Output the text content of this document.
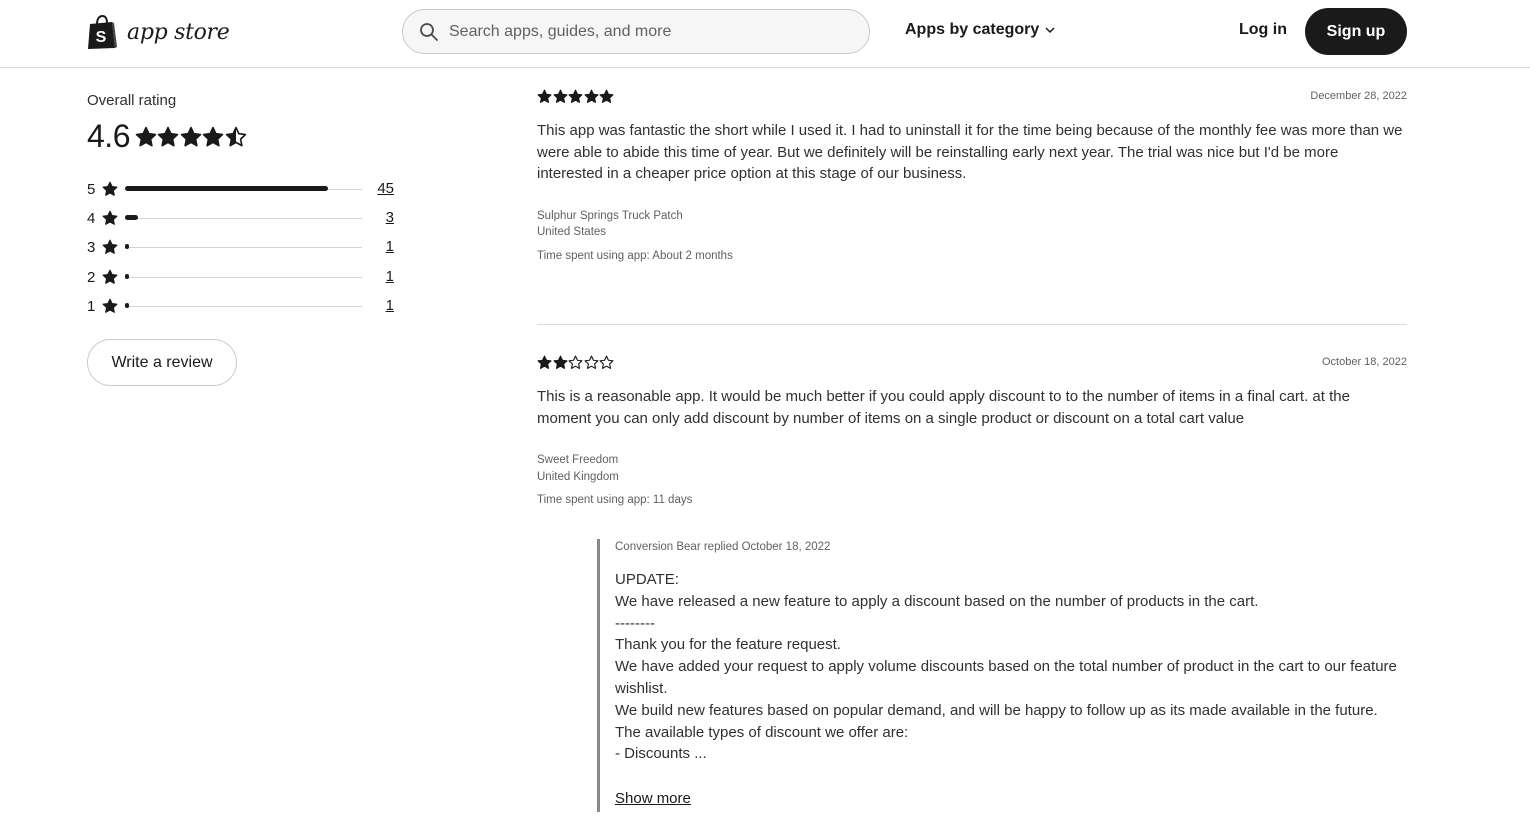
S app store
Search apps, guides, and more	Apps by category	Log in	Sign up
Overall rating
4.6
5	45
4	3
3	1
2	1
1	1
Write a review
December 28, 2022
This app was fantastic the short while I used it. I had to uninstall it for the time being because of the monthly fee was more than we were able to abide this time of year. But we definitely will be reinstalling early next year. The trial was nice but I'd be more interested in a cheaper price option at this stage of our business.
Sulphur Springs Truck Patch
United States
Time spent using app: About 2 months
October 18, 2022
This is a reasonable app. It would be much better if you could apply discount to to the number of items in a final cart. at the moment you can only add discount by number of items on a single product or discount on a total cart value
Sweet Freedom
United Kingdom
Time spent using app: 11 days
Conversion Bear replied October 18, 2022
UPDATE:
We have released a new feature to apply a discount based on the number of products in the cart.
--------
Thank you for the feature request.
We have added your request to apply volume discounts based on the total number of product in the cart to our feature wishlist.
We build new features based on popular demand, and will be happy to follow up as its made available in the future.
The available types of discount we offer are:
- Discounts ...
Show more
